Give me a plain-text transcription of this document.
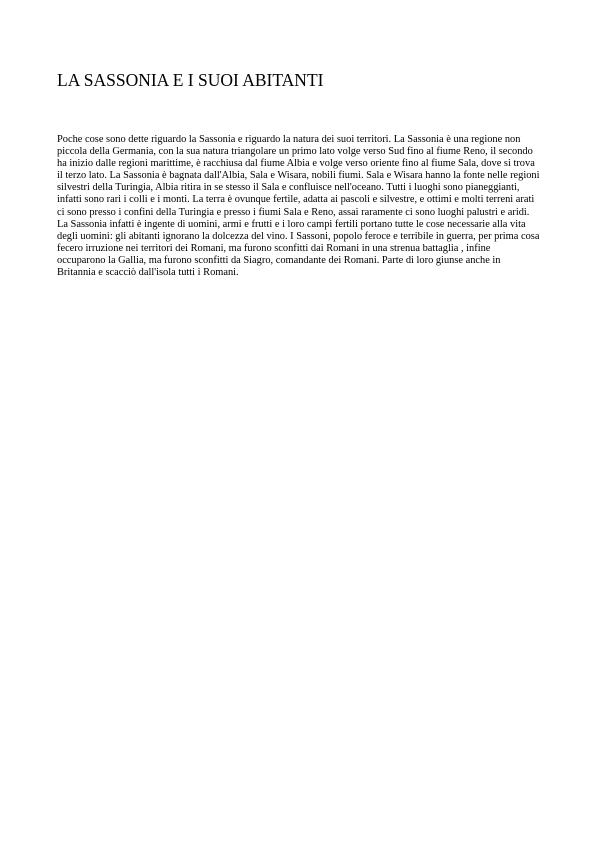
LA SASSONIA E I SUOI ABITANTI

Poche cose sono dette riguardo la Sassonia e riguardo la natura dei suoi territori. La Sassonia è una regione non piccola della Germania, con la sua natura triangolare un primo lato volge verso Sud fino al fiume Reno, il secondo ha inizio dalle regioni marittime, è racchiusa dal fiume Albia e volge verso oriente fino al fiume Sala, dove si trova il terzo lato. La Sassonia è bagnata dall'Albia, Sala e Wisara, nobili fiumi. Sala e Wisara hanno la fonte nelle regioni silvestri della Turingia, Albia ritira in se stesso il Sala e confluisce nell'oceano. Tutti i luoghi sono pianeggianti, infatti sono rari i colli e i monti. La terra è ovunque fertile, adatta ai pascoli e silvestre, e ottimi e molti terreni arati ci sono presso i confini della Turingia e presso i fiumi Sala e Reno, assai raramente ci sono luoghi palustri e aridi. La Sassonia infatti è ingente di uomini, armi e frutti e i loro campi fertili portano tutte le cose necessarie alla vita degli uomini: gli abitanti ignorano la dolcezza del vino. I Sassoni, popolo feroce e terribile in guerra, per prima cosa fecero irruzione nei territori dei Romani, ma furono sconfitti dai Romani in una strenua battaglia , infine occuparono la Gallia, ma furono sconfitti da Siagro, comandante dei Romani. Parte di loro giunse anche in Britannia e scacciò dall'isola tutti i Romani.
